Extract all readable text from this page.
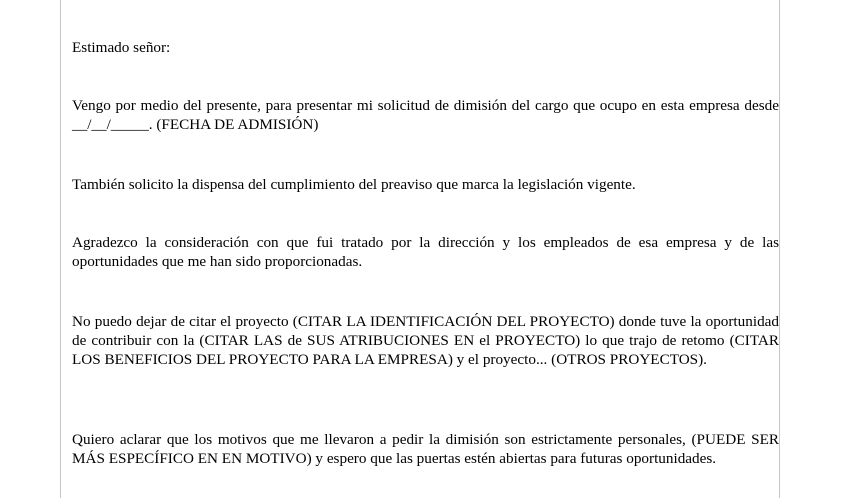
Estimado señor:

Vengo por medio del presente, para presentar mi solicitud de dimisión del cargo que ocupo en esta empresa desde __/__/_____. (FECHA DE ADMISIÓN)

También solicito la dispensa del cumplimiento del preaviso que marca la legislación vigente.

Agradezco la consideración con que fui tratado por la dirección y los empleados de esa empresa y de las oportunidades que me han sido proporcionadas.

No puedo dejar de citar el proyecto (CITAR LA IDENTIFICACIÓN DEL PROYECTO) donde tuve la oportunidad de contribuir con la (CITAR LAS de SUS ATRIBUCIONES EN el PROYECTO) lo que trajo de retomo (CITAR LOS BENEFICIOS DEL PROYECTO PARA LA EMPRESA) y el proyecto... (OTROS PROYECTOS).

Quiero aclarar que los motivos que me llevaron a pedir la dimisión son estrictamente personales, (PUEDE SER MÁS ESPECÍFICO EN EN MOTIVO) y espero que las puertas estén abiertas para futuras oportunidades.
